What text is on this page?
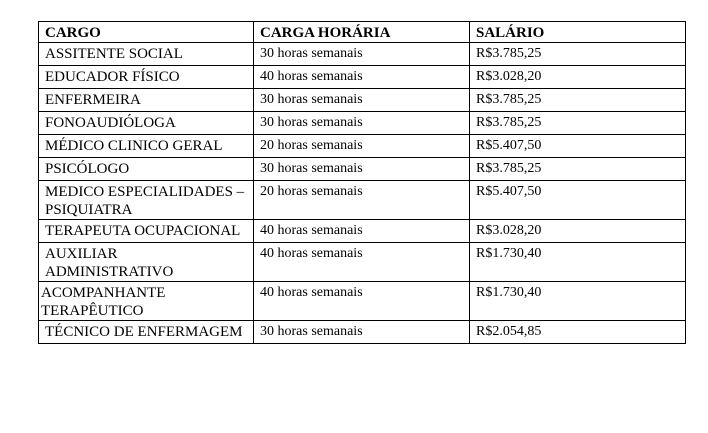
CARGO	CARGA HORÁRIA	SALÁRIO
ASSITENTE SOCIAL	30 horas semanais	R$3.785,25
EDUCADOR FÍSICO	40 horas semanais	R$3.028,20
ENFERMEIRA	30 horas semanais	R$3.785,25
FONOAUDIÓLOGA	30 horas semanais	R$3.785,25
MÉDICO CLINICO GERAL	20 horas semanais	R$5.407,50
PSICÓLOGO	30 horas semanais	R$3.785,25
MEDICO ESPECIALIDADES – PSIQUIATRA	20 horas semanais	R$5.407,50
TERAPEUTA OCUPACIONAL	40 horas semanais	R$3.028,20
AUXILIAR ADMINISTRATIVO	40 horas semanais	R$1.730,40
ACOMPANHANTE TERAPÊUTICO	40 horas semanais	R$1.730,40
TÉCNICO DE ENFERMAGEM	30 horas semanais	R$2.054,85
